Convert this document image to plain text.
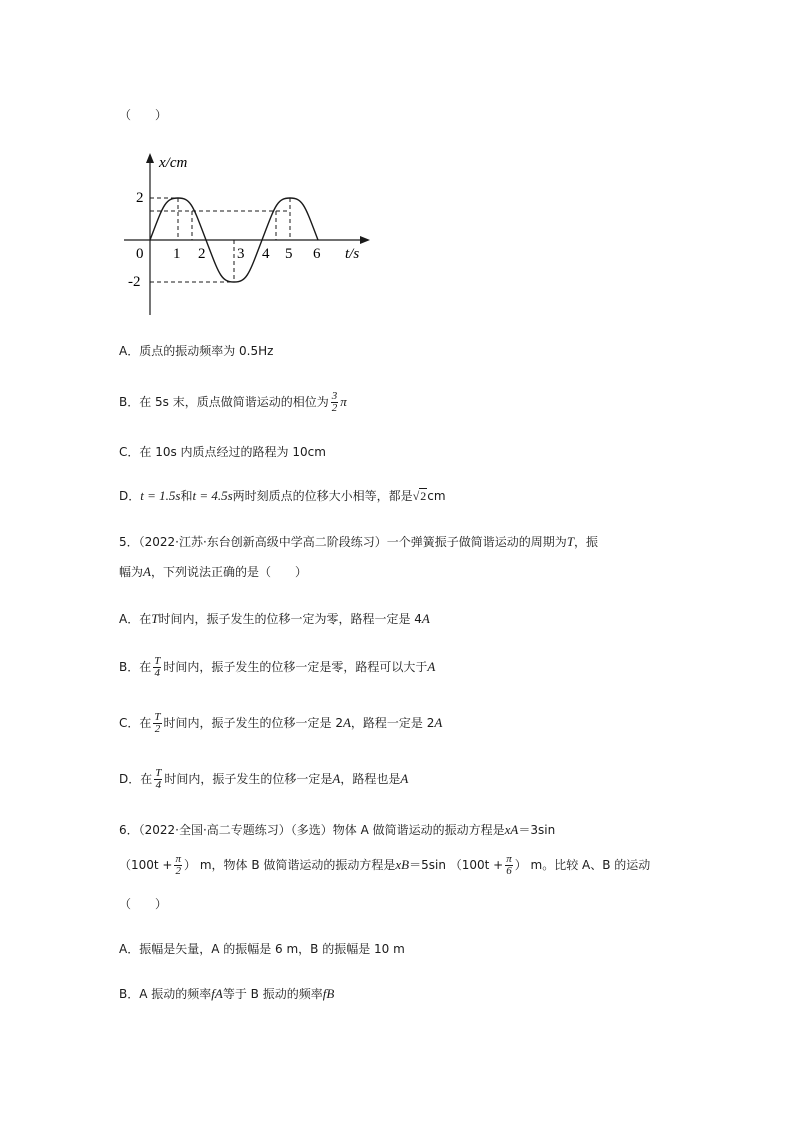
（　　）
x/cm
2
-2
0 1 2 3 4 5 6 t/s
A．质点的振动频率为 0.5Hz
B．在 5s 末，质点做简谐运动的相位为 $\frac{3}{2}$ π
C．在 10s 内质点经过的路程为 10cm
D．t = 1.5s和t = 4.5s两时刻质点的位移大小相等，都是√2cm
5．（2022·江苏·东台创新高级中学高二阶段练习）一个弹簧振子做简谐运动的周期为T，振
幅为A，下列说法正确的是（　　）
A．在T时间内，振子发生的位移一定为零，路程一定是 4A
B．在 $\frac{T}{4}$ 时间内，振子发生的位移一定是零，路程可以大于A
C．在 $\frac{T}{2}$ 时间内，振子发生的位移一定是 2A，路程一定是 2A
D．在 $\frac{T}{4}$ 时间内，振子发生的位移一定是A，路程也是A
6．（2022·全国·高二专题练习）（多选）物体 A 做简谐运动的振动方程是xA＝3sin
（$100t + \frac{\pi}{2}$ ） m，物体 B 做简谐运动的振动方程是xB＝5sin （$100t + \frac{\pi}{6}$ ） m。比较 A、B 的运动
（　　）
A．振幅是矢量，A 的振幅是 6 m，B 的振幅是 10 m
B．A 振动的频率fA等于 B 振动的频率fB
